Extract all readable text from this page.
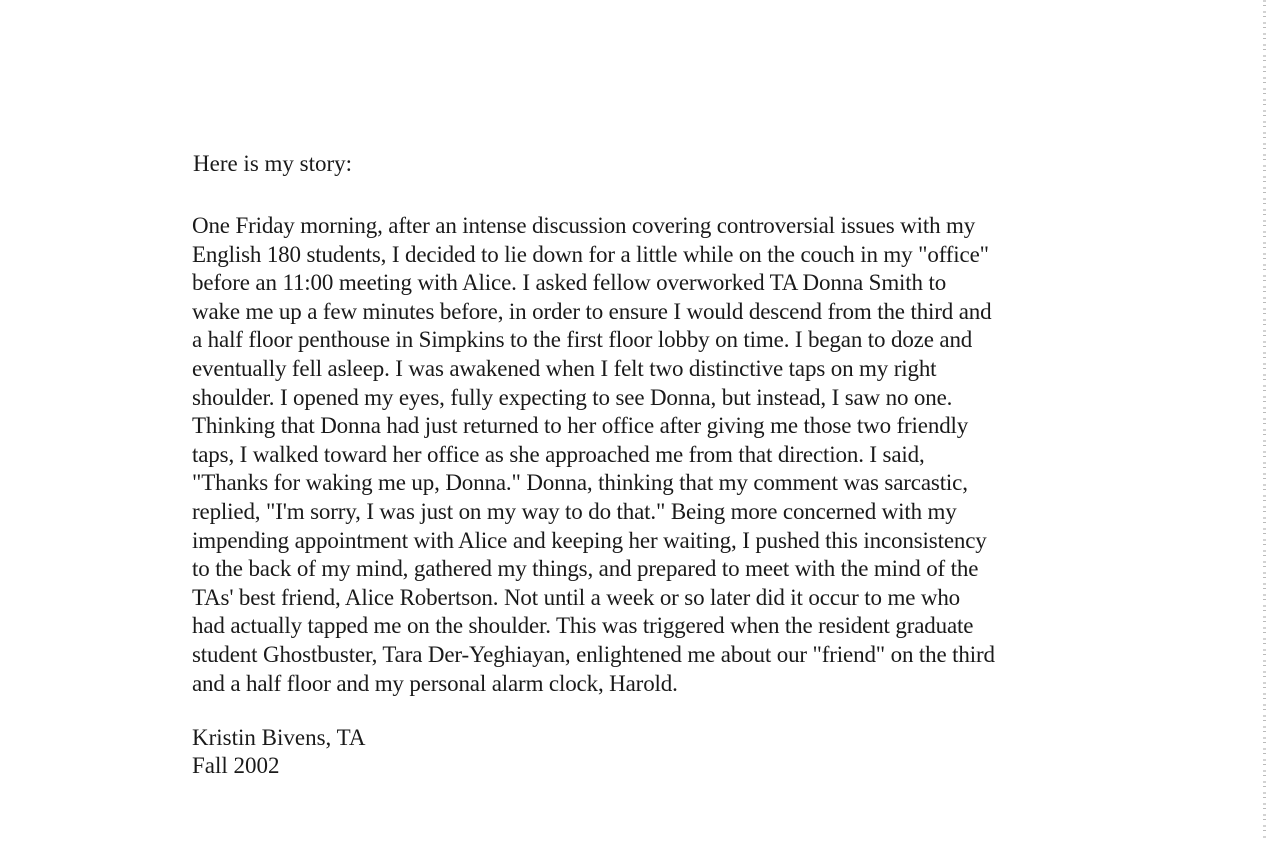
Here is my story:
One Friday morning, after an intense discussion covering controversial issues with my
English 180 students, I decided to lie down for a little while on the couch in my "office"
before an 11:00 meeting with Alice. I asked fellow overworked TA Donna Smith to
wake me up a few minutes before, in order to ensure I would descend from the third and
a half floor penthouse in Simpkins to the first floor lobby on time. I began to doze and
eventually fell asleep. I was awakened when I felt two distinctive taps on my right
shoulder. I opened my eyes, fully expecting to see Donna, but instead, I saw no one.
Thinking that Donna had just returned to her office after giving me those two friendly
taps, I walked toward her office as she approached me from that direction. I said,
"Thanks for waking me up, Donna." Donna, thinking that my comment was sarcastic,
replied, "I'm sorry, I was just on my way to do that." Being more concerned with my
impending appointment with Alice and keeping her waiting, I pushed this inconsistency
to the back of my mind, gathered my things, and prepared to meet with the mind of the
TAs' best friend, Alice Robertson. Not until a week or so later did it occur to me who
had actually tapped me on the shoulder. This was triggered when the resident graduate
student Ghostbuster, Tara Der-Yeghiayan, enlightened me about our "friend" on the third
and a half floor and my personal alarm clock, Harold.
Kristin Bivens, TA
Fall 2002
